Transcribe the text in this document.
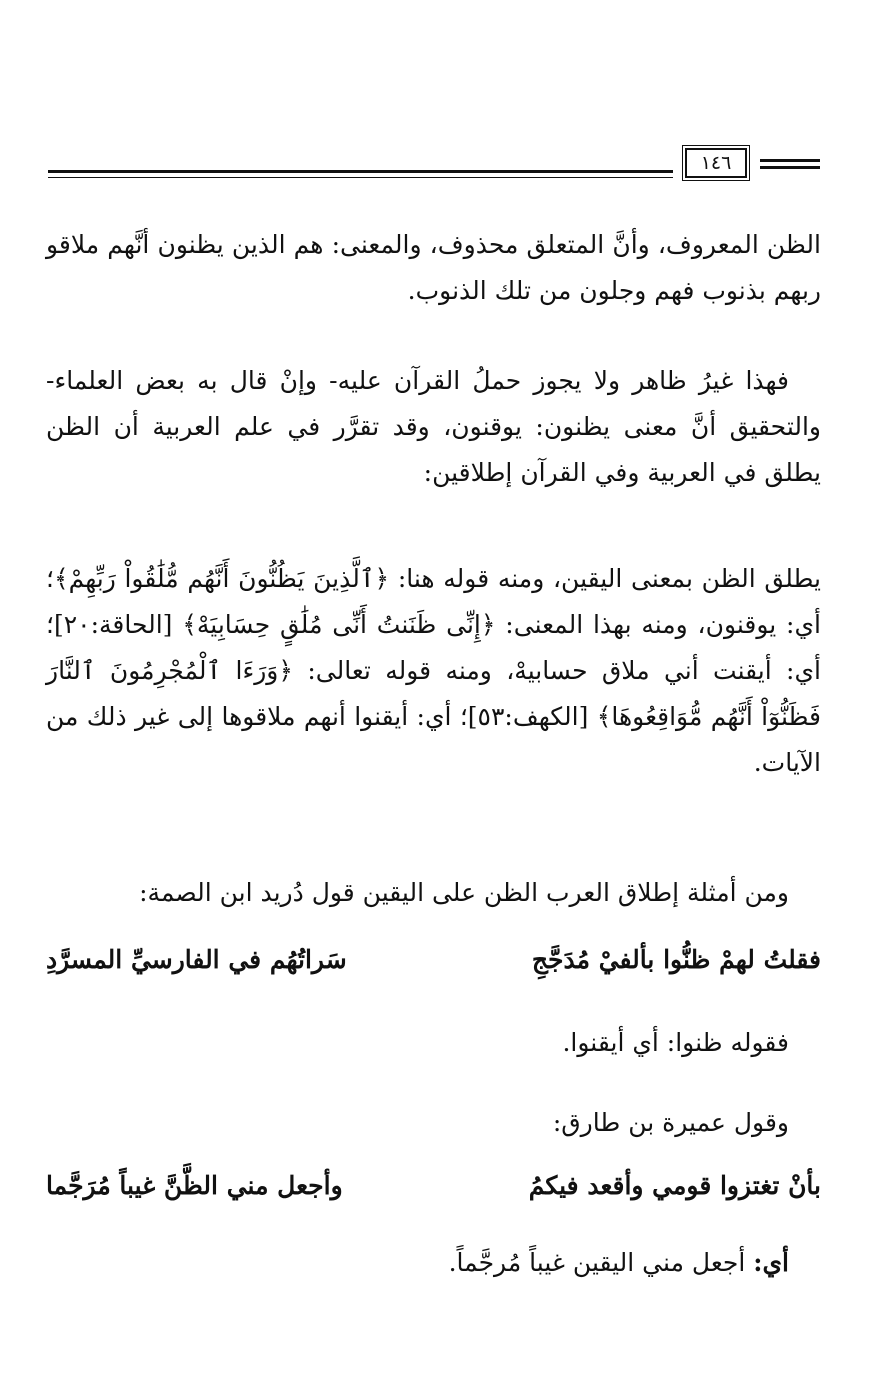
١٤٦
الظن المعروف، وأنَّ المتعلق محذوف، والمعنى: هم الذين يظنون أنَّهم ملاقو ربهم بذنوب فهم وجلون من تلك الذنوب.
فهذا غيرُ ظاهر ولا يجوز حملُ القرآن عليه- وإنْ قال به بعض العلماء- والتحقيق أنَّ معنى يظنون: يوقنون، وقد تقرَّر في علم العربية أن الظن يطلق في العربية وفي القرآن إطلاقين:
يطلق الظن بمعنى اليقين، ومنه قوله هنا: ﴿ٱلَّذِينَ يَظُنُّونَ أَنَّهُم مُّلَٰقُواْ رَبِّهِمْ﴾؛ أي: يوقنون، ومنه بهذا المعنى: ﴿إِنِّى ظَنَنتُ أَنِّى مُلَٰقٍ حِسَابِيَهْ﴾ [الحاقة:٢٠]؛ أي: أيقنت أني ملاق حسابيهْ، ومنه قوله تعالى: ﴿وَرَءَا ٱلْمُجْرِمُونَ ٱلنَّارَ فَظَنُّوٓاْ أَنَّهُم مُّوَاقِعُوهَا﴾ [الكهف:٥٣]؛ أي: أيقنوا أنهم ملاقوها إلى غير ذلك من الآيات.
ومن أمثلة إطلاق العرب الظن على اليقين قول دُريد ابن الصمة:
فقلتُ لهمْ ظنُّوا بألفيْ مُدَجَّجِ
سَراتُهُم في الفارسيِّ المسرَّدِ
فقوله ظنوا: أي أيقنوا.
وقول عميرة بن طارق:
بأنْ تغتزوا قومي وأقعد فيكمُ
وأجعل مني الظَّنَّ غيباً مُرَجَّما
أي: أجعل مني اليقين غيباً مُرجَّماً.
